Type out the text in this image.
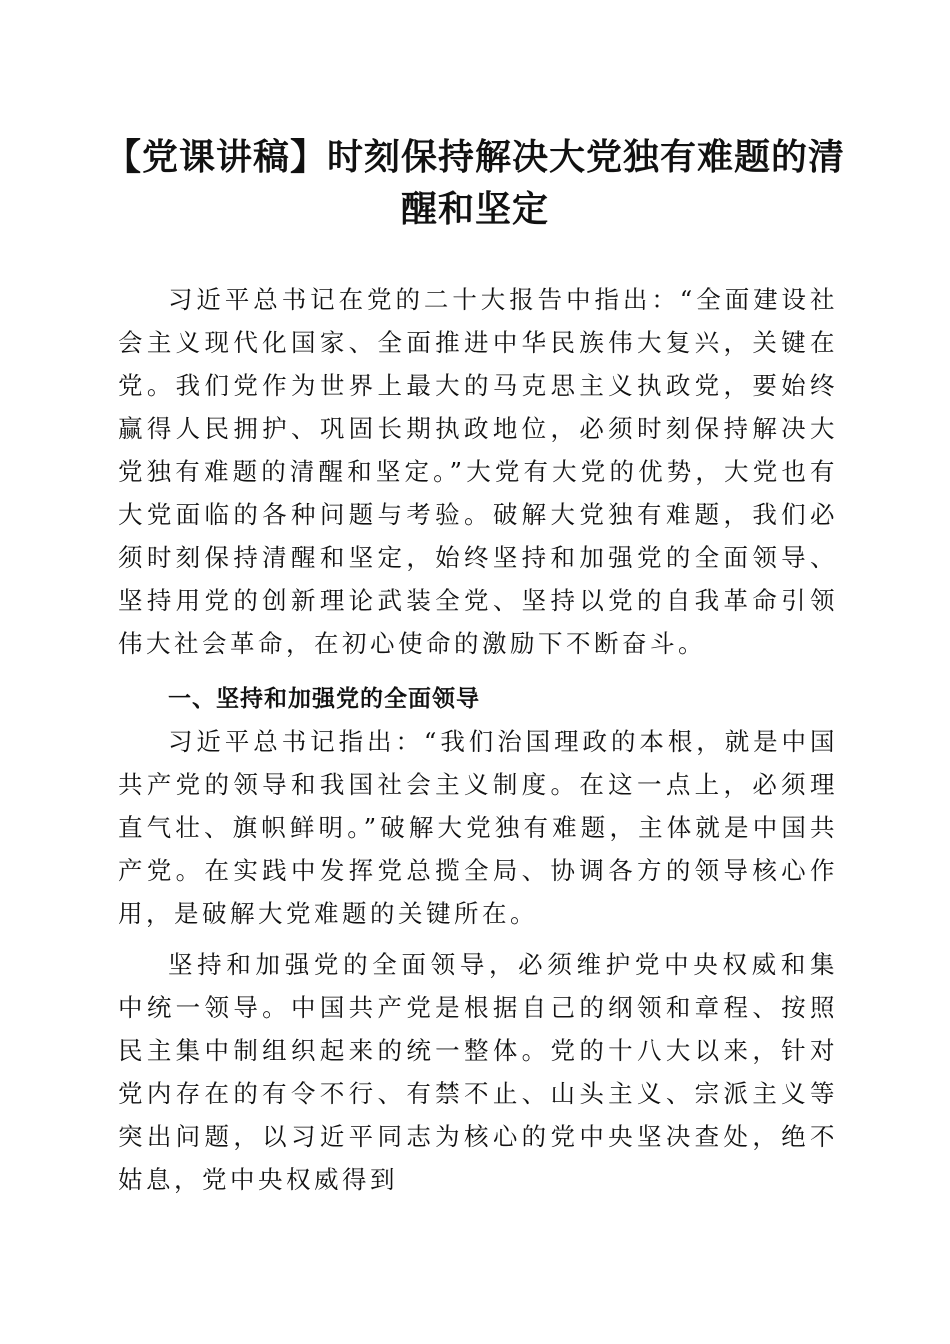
【党课讲稿】时刻保持解决大党独有难题的清醒和坚定

习近平总书记在党的二十大报告中指出：“全面建设社会主义现代化国家、全面推进中华民族伟大复兴，关键在党。我们党作为世界上最大的马克思主义执政党，要始终赢得人民拥护、巩固长期执政地位，必须时刻保持解决大党独有难题的清醒和坚定。”大党有大党的优势，大党也有大党面临的各种问题与考验。破解大党独有难题，我们必须时刻保持清醒和坚定，始终坚持和加强党的全面领导、坚持用党的创新理论武装全党、坚持以党的自我革命引领伟大社会革命，在初心使命的激励下不断奋斗。

一、坚持和加强党的全面领导

习近平总书记指出：“我们治国理政的本根，就是中国共产党的领导和我国社会主义制度。在这一点上，必须理直气壮、旗帜鲜明。”破解大党独有难题，主体就是中国共产党。在实践中发挥党总揽全局、协调各方的领导核心作用，是破解大党难题的关键所在。

坚持和加强党的全面领导，必须维护党中央权威和集中统一领导。中国共产党是根据自己的纲领和章程、按照民主集中制组织起来的统一整体。党的十八大以来，针对党内存在的有令不行、有禁不止、山头主义、宗派主义等突出问题，以习近平同志为核心的党中央坚决查处，绝不姑息，党中央权威得到
